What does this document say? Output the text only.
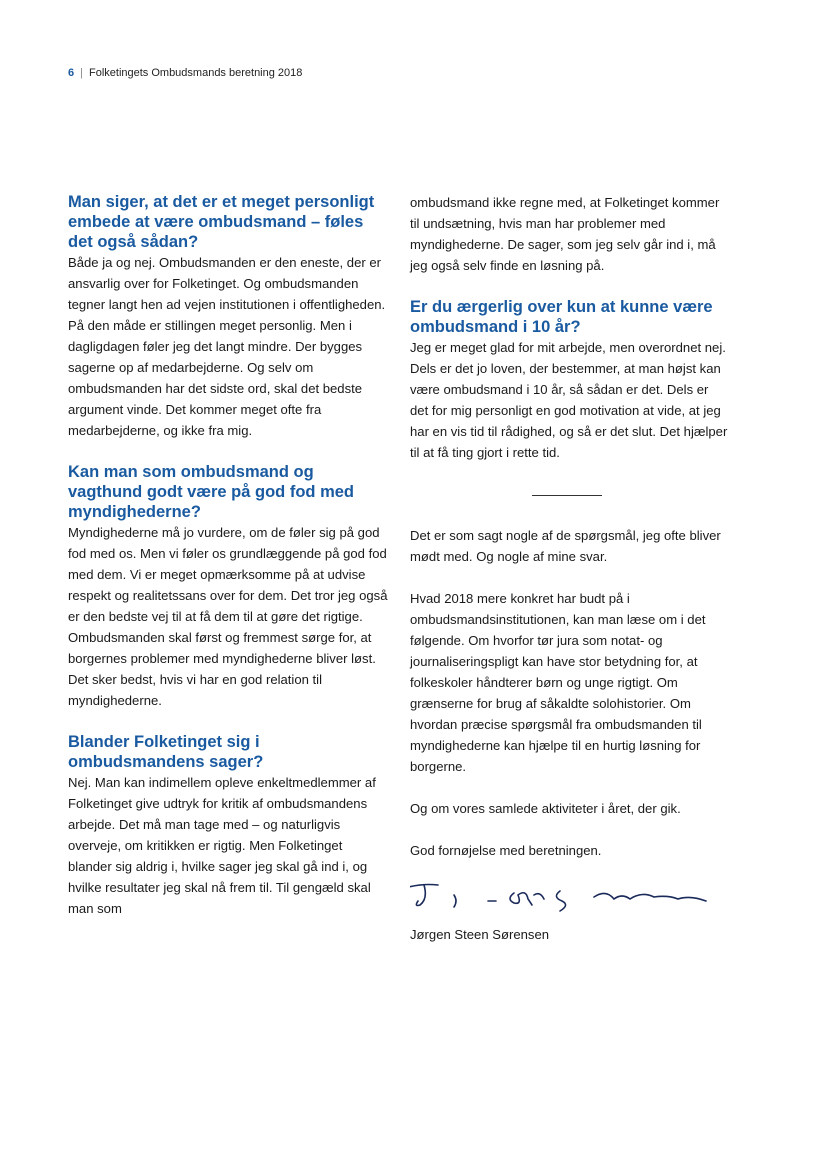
6 | Folketingets Ombudsmands beretning 2018
Man siger, at det er et meget personligt embede at være ombudsmand – føles det også sådan?

Både ja og nej. Ombudsmanden er den eneste, der er ansvarlig over for Folketinget. Og ombudsmanden tegner langt hen ad vejen institutionen i offentligheden. På den måde er stillingen meget personlig. Men i dagligdagen føler jeg det langt mindre. Der bygges sagerne op af medarbejderne. Og selv om ombudsmanden har det sidste ord, skal det bedste argument vinde. Det kommer meget ofte fra medarbejderne, og ikke fra mig.

Kan man som ombudsmand og vagthund godt være på god fod med myndighederne?

Myndighederne må jo vurdere, om de føler sig på god fod med os. Men vi føler os grundlæggende på god fod med dem. Vi er meget opmærksomme på at udvise respekt og realitetssans over for dem. Det tror jeg også er den bedste vej til at få dem til at gøre det rigtige. Ombudsmanden skal først og fremmest sørge for, at borgernes problemer med myndighederne bliver løst. Det sker bedst, hvis vi har en god relation til myndighederne.

Blander Folketinget sig i ombudsmandens sager?

Nej. Man kan indimellem opleve enkeltmedlemmer af Folketinget give udtryk for kritik af ombudsmandens arbejde. Det må man tage med – og naturligvis overveje, om kritikken er rigtig. Men Folketinget blander sig aldrig i, hvilke sager jeg skal gå ind i, og hvilke resultater jeg skal nå frem til. Til gengæld skal man som

ombudsmand ikke regne med, at Folketinget kommer til undsætning, hvis man har problemer med myndighederne. De sager, som jeg selv går ind i, må jeg også selv finde en løsning på.

Er du ærgerlig over kun at kunne være ombudsmand i 10 år?

Jeg er meget glad for mit arbejde, men overordnet nej. Dels er det jo loven, der bestemmer, at man højst kan være ombudsmand i 10 år, så sådan er det. Dels er det for mig personligt en god motivation at vide, at jeg har en vis tid til rådighed, og så er det slut. Det hjælper til at få ting gjort i rette tid.

Det er som sagt nogle af de spørgsmål, jeg ofte bliver mødt med. Og nogle af mine svar.

Hvad 2018 mere konkret har budt på i ombudsmandsinstitutionen, kan man læse om i det følgende. Om hvorfor tør jura som notat- og journaliseringspligt kan have stor betydning for, at folkeskoler håndterer børn og unge rigtigt. Om grænserne for brug af såkaldte solohistorier. Om hvordan præcise spørgsmål fra ombudsmanden til myndighederne kan hjælpe til en hurtig løsning for borgerne.

Og om vores samlede aktiviteter i året, der gik.

God fornøjelse med beretningen.

Jørgen Steen Sørensen
